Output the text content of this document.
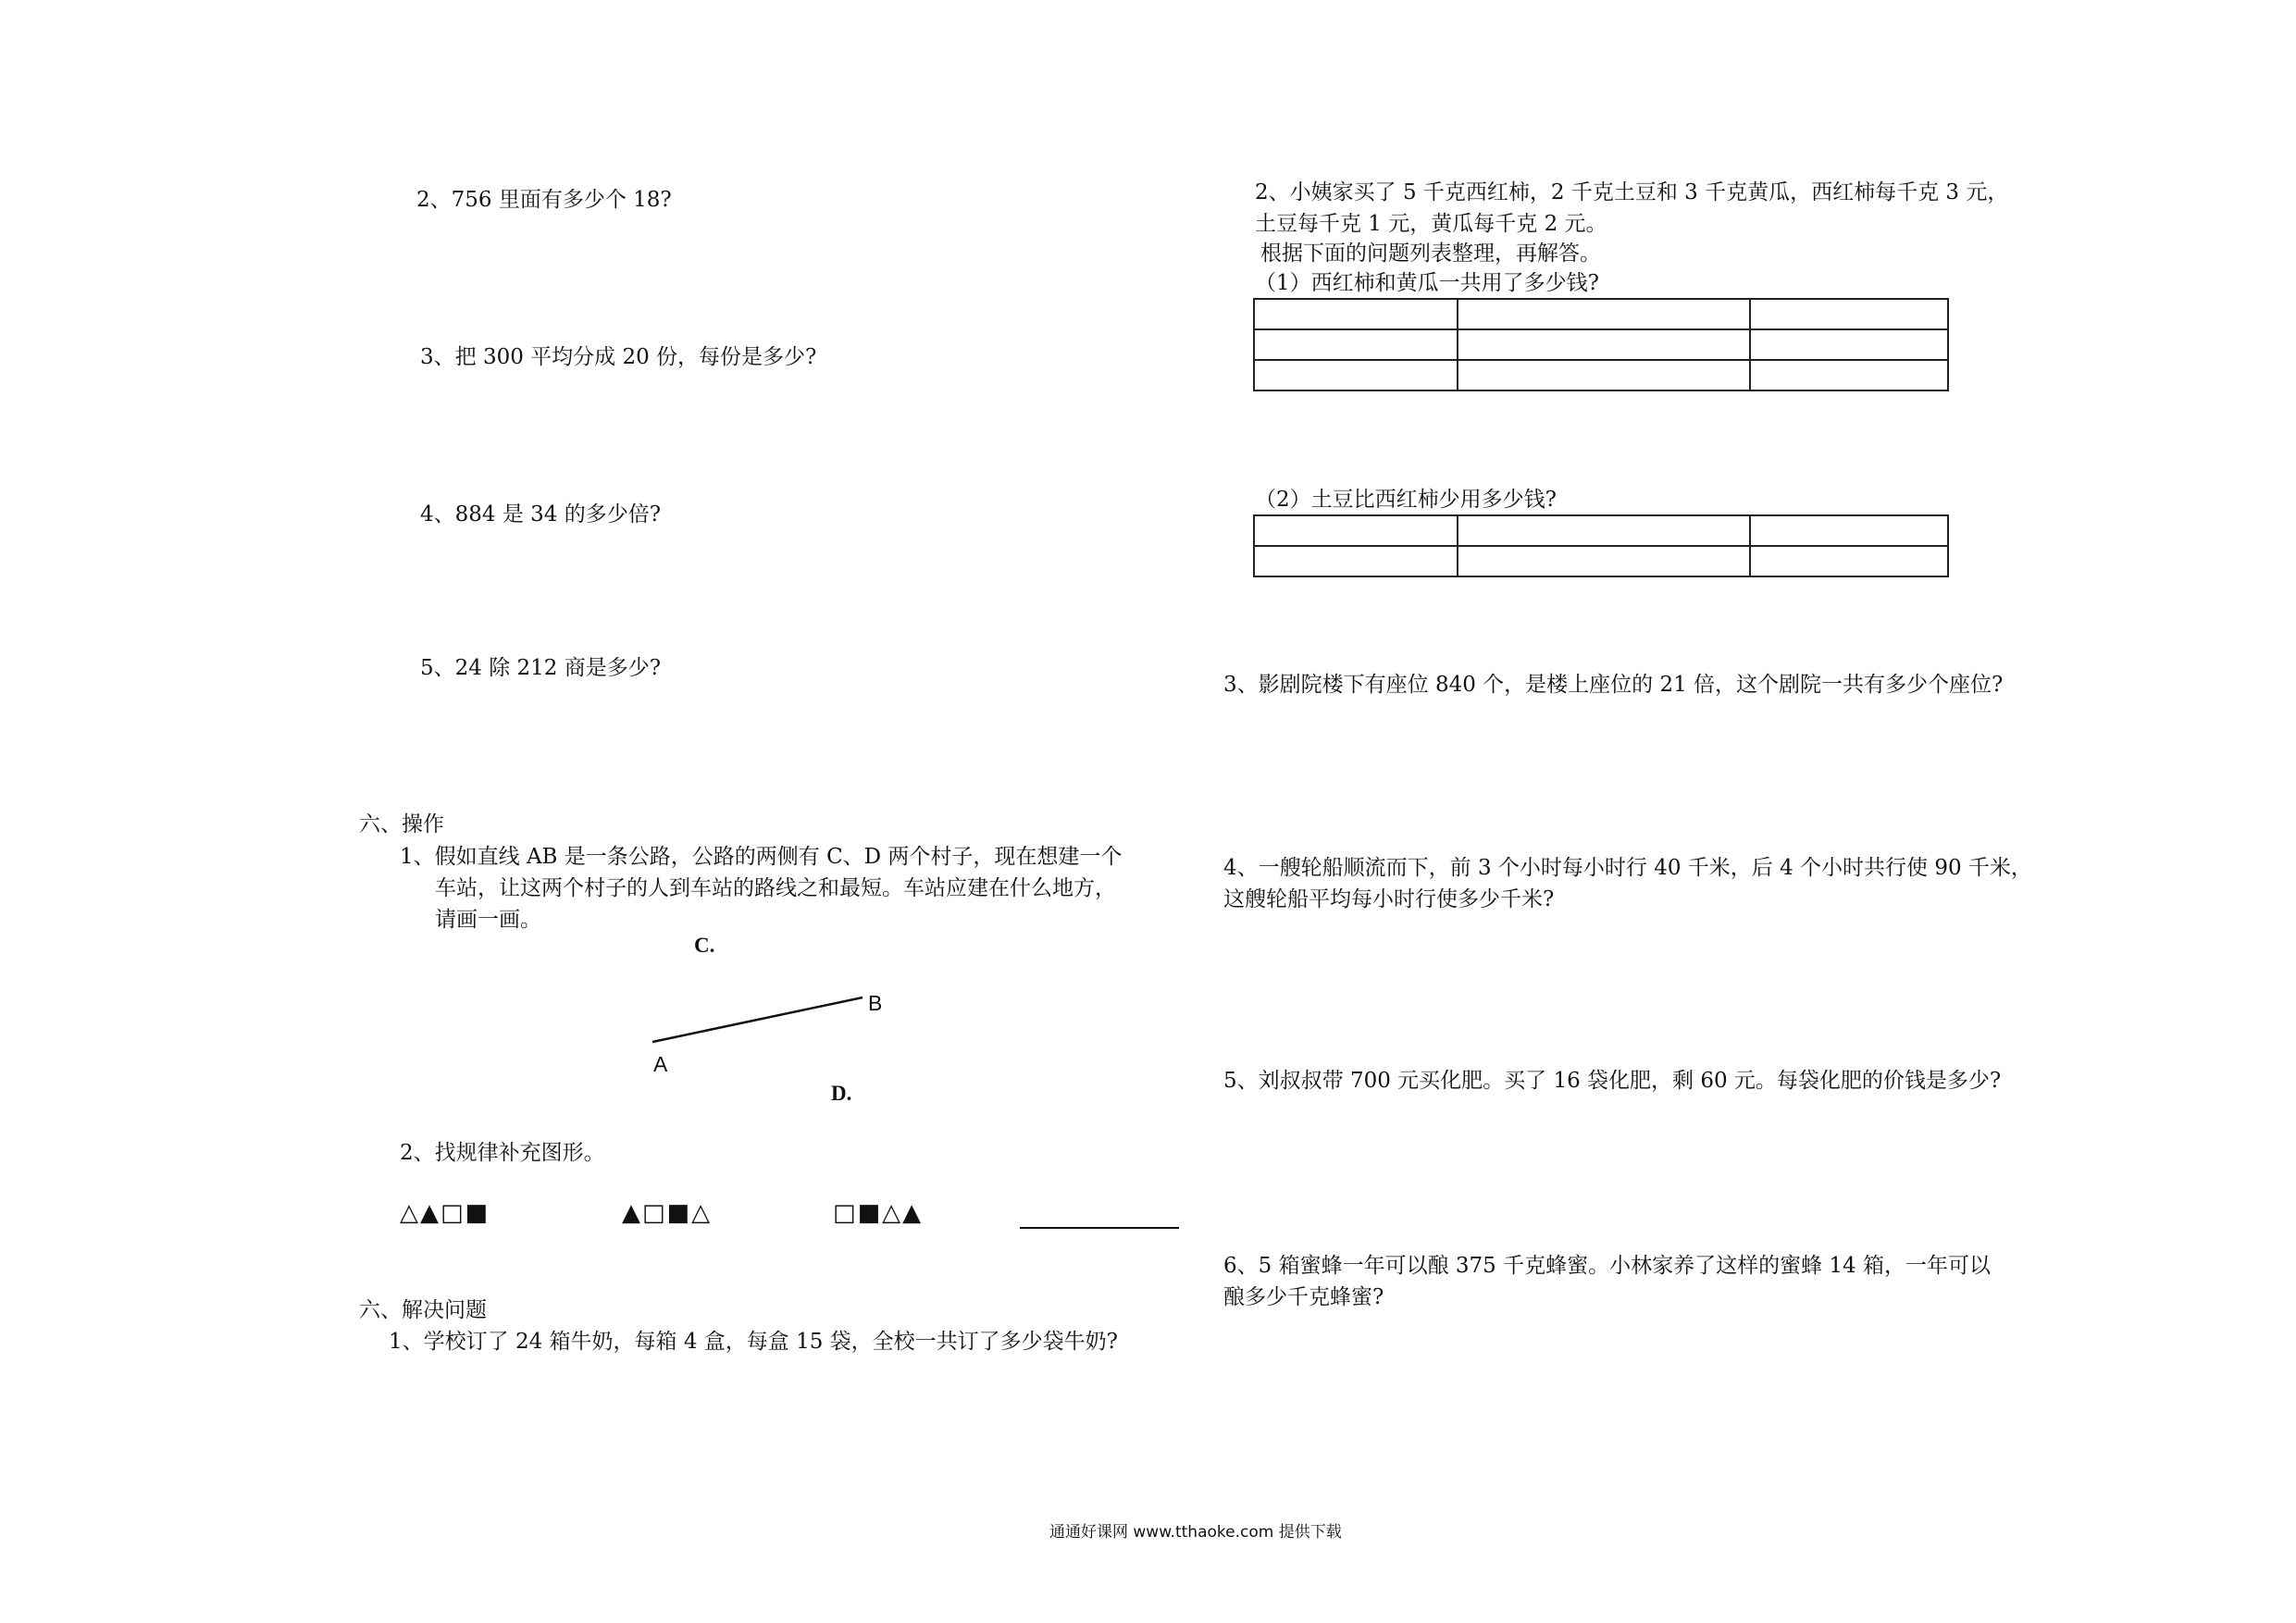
2、756 里面有多少个 18?
3、把 300 平均分成 20 份，每份是多少?
4、884 是 34 的多少倍?
5、24 除 212 商是多少?
六、操作
1、假如直线 AB 是一条公路，公路的两侧有 C、D 两个村子，现在想建一个
车站，让这两个村子的人到车站的路线之和最短。车站应建在什么地方，
请画一画。
C.
B
A
D.
2、找规律补充图形。
△▲□■	▲□■△	□■△▲
六、解决问题
1、学校订了 24 箱牛奶，每箱 4 盒，每盒 15 袋，全校一共订了多少袋牛奶?
2、小姨家买了 5 千克西红柿，2 千克土豆和 3 千克黄瓜，西红柿每千克 3 元，
土豆每千克 1 元，黄瓜每千克 2 元。
根据下面的问题列表整理，再解答。
（1）西红柿和黄瓜一共用了多少钱?

（2）土豆比西红柿少用多少钱?

3、影剧院楼下有座位 840 个，是楼上座位的 21 倍，这个剧院一共有多少个座位?
4、一艘轮船顺流而下，前 3 个小时每小时行 40 千米，后 4 个小时共行使 90 千米，
这艘轮船平均每小时行使多少千米?
5、刘叔叔带 700 元买化肥。买了 16 袋化肥，剩 60 元。每袋化肥的价钱是多少?
6、5 箱蜜蜂一年可以酿 375 千克蜂蜜。小林家养了这样的蜜蜂 14 箱，一年可以
酿多少千克蜂蜜?
通通好课网 www.tthaoke.com 提供下载
